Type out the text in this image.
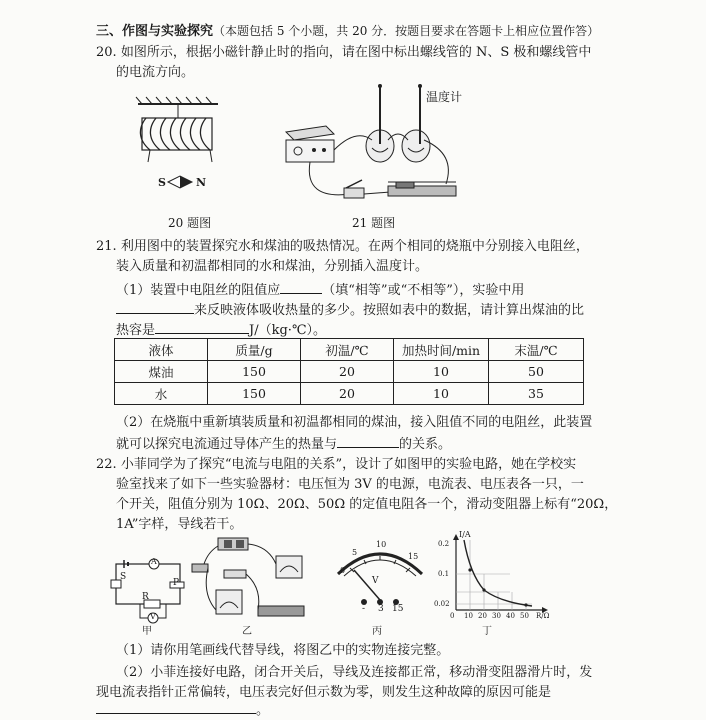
三、作图与实验探究（本题包括 5 个小题，共 20 分．按题目要求在答题卡上相应位置作答）
20. 如图所示，根据小磁针静止时的指向，请在图中标出螺线管的 N、S 极和螺线管中
的电流方向。
S	N
20 题图
温度计
21 题图
21. 利用图中的装置探究水和煤油的吸热情况。在两个相同的烧瓶中分别接入电阻丝，
装入质量和初温都相同的水和煤油，分别插入温度计。
（1）装置中电阻丝的阻值应	（填“相等”或“不相等”），实验中用
来反映液体吸收热量的多少。按照如表中的数据，请计算出煤油的比
热容是	J/（kg·℃）。
液体	质量/g	初温/℃	加热时间/min	末温/℃
煤油	150	20	10	50
水	150	20	10	35
（2）在烧瓶中重新填装质量和初温都相同的煤油，接入阻值不同的电阻丝，此装置
就可以探究电流通过导体产生的热量与	的关系。
22. 小菲同学为了探究“电流与电阻的关系”，设计了如图甲的实验电路，她在学校实
验室找来了如下一些实验器材：电压恒为 3V 的电源，电流表、电压表各一只，一
个开关，阻值分别为 10Ω、20Ω、50Ω 的定值电阻各一个，滑动变阻器上标有“20Ω，
1A”字样，导线若干。
S
A
V
R
P
甲	乙
5
10
15
0
V
- 3 15
丙
I/A
0.2
0.1
0.02
0 10 20 30 40 50 R/Ω
丁
（1）请你用笔画线代替导线，将图乙中的实物连接完整。
（2）小菲连接好电路，闭合开关后，导线及连接都正常，移动滑变阻器滑片时，发
现电流表指针正常偏转，电压表完好但示数为零，则发生这种故障的原因可能是
。
